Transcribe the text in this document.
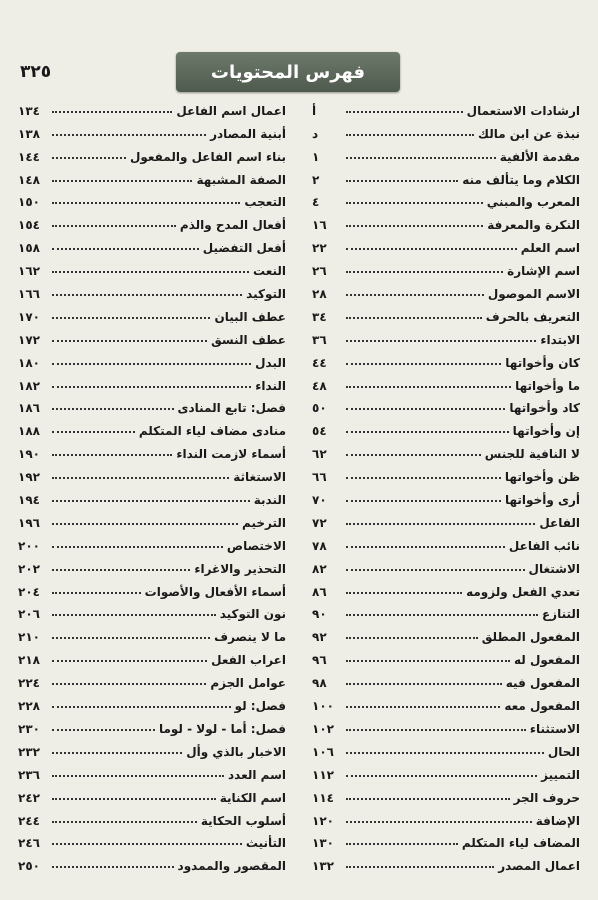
٣٢٥	فهرس المحتويات
ارشادات الاستعمال
أ
نبذة عن ابن مالك
د
مقدمة الألفية
١
الكلام وما يتألف منه
٢
المعرب والمبني
٤
النكرة والمعرفة
١٦
اسم العلم
٢٢
اسم الإشارة
٢٦
الاسم الموصول
٢٨
التعريف بالحرف
٣٤
الابتداء
٣٦
كان وأخواتها
٤٤
ما وأخواتها
٤٨
كاد وأخواتها
٥٠
إن وأخواتها
٥٤
لا النافية للجنس
٦٢
ظن وأخواتها
٦٦
أرى وأخواتها
٧٠
الفاعل
٧٢
نائب الفاعل
٧٨
الاشتغال
٨٢
تعدي الفعل ولزومه
٨٦
التنازع
٩٠
المفعول المطلق
٩٢
المفعول له
٩٦
المفعول فيه
٩٨
المفعول معه
١٠٠
الاستثناء
١٠٢
الحال
١٠٦
التمييز
١١٢
حروف الجر
١١٤
الإضافة
١٢٠
المضاف لياء المتكلم
١٣٠
اعمال المصدر
١٣٢
اعمال اسم الفاعل
١٣٤
أبنية المصادر
١٣٨
بناء اسم الفاعل والمفعول
١٤٤
الصفة المشبهة
١٤٨
التعجب
١٥٠
أفعال المدح والذم
١٥٤
أفعل التفضيل
١٥٨
النعت
١٦٢
التوكيد
١٦٦
عطف البيان
١٧٠
عطف النسق
١٧٢
البدل
١٨٠
النداء
١٨٢
فصل: تابع المنادى
١٨٦
منادى مضاف لياء المتكلم
١٨٨
أسماء لازمت النداء
١٩٠
الاستغاثة
١٩٢
الندبة
١٩٤
الترخيم
١٩٦
الاختصاص
٢٠٠
التحذير والاغراء
٢٠٢
أسماء الأفعال والأصوات
٢٠٤
نون التوكيد
٢٠٦
ما لا ينصرف
٢١٠
اعراب الفعل
٢١٨
عوامل الجزم
٢٢٤
فصل: لو
٢٢٨
فصل: أما - لولا - لوما
٢٣٠
الاخبار بالذي وأل
٢٣٢
اسم العدد
٢٣٦
اسم الكناية
٢٤٢
أسلوب الحكاية
٢٤٤
التأنيث
٢٤٦
المقصور والممدود
٢٥٠
